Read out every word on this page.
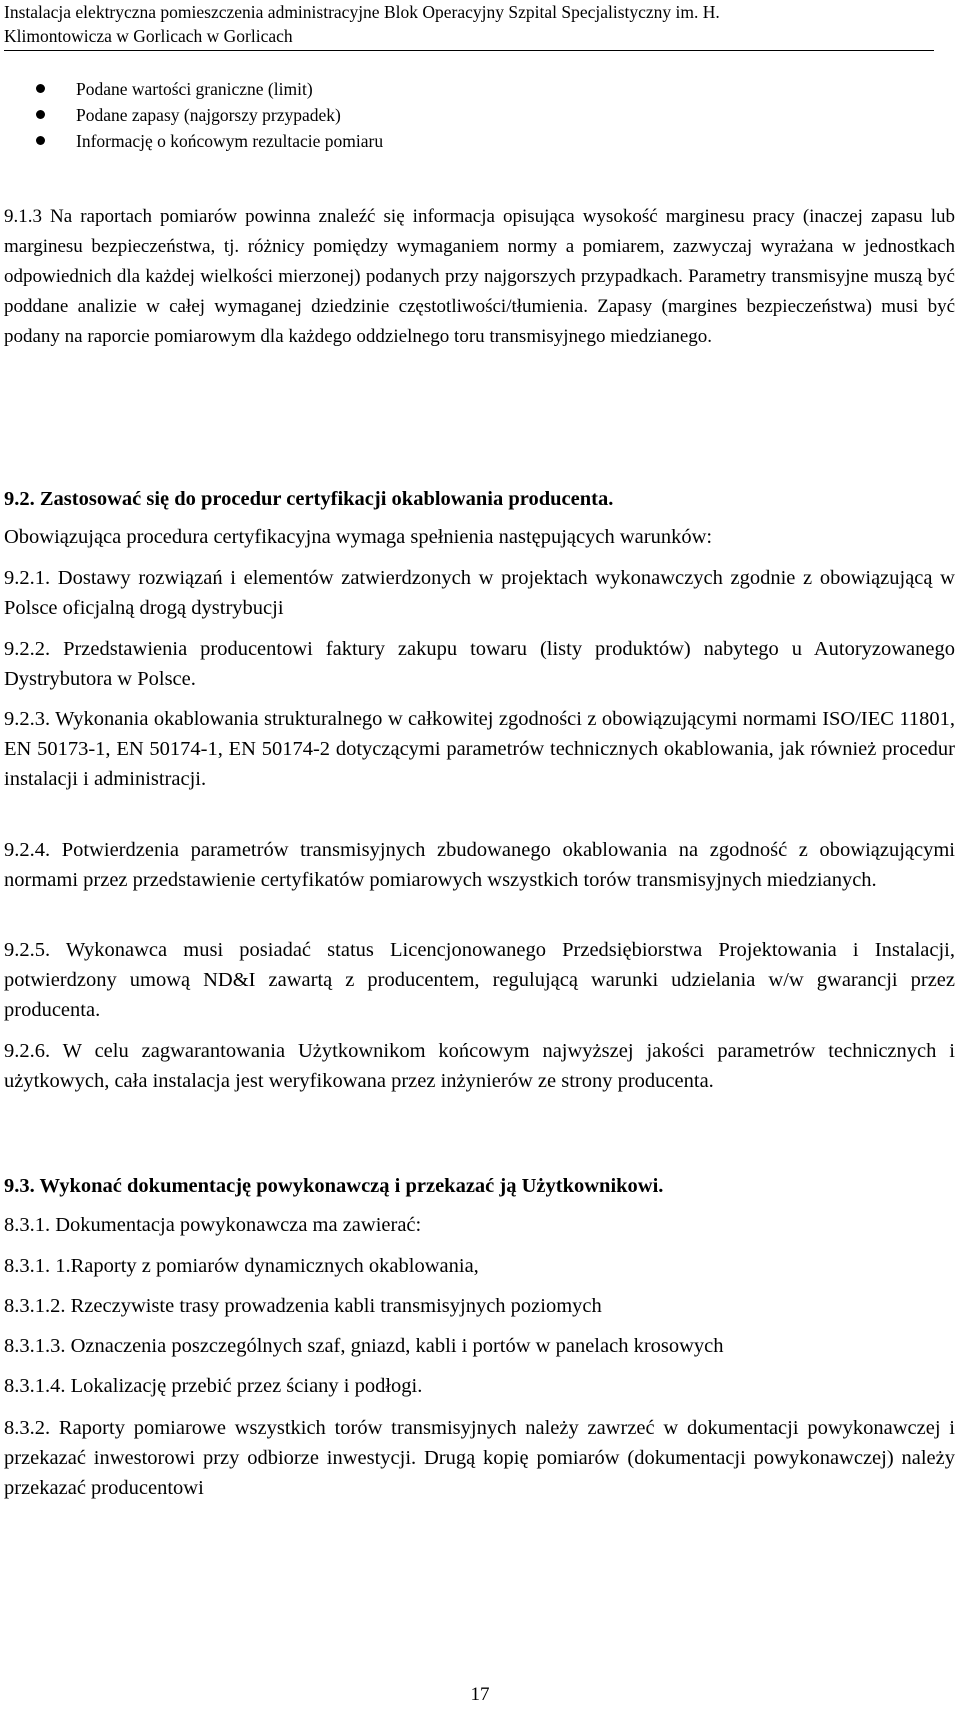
Instalacja elektryczna pomieszczenia administracyjne Blok Operacyjny Szpital Specjalistyczny im. H.
Klimontowicza w Gorlicach w Gorlicach
Podane wartości graniczne (limit)
Podane zapasy (najgorszy przypadek)
Informację o końcowym rezultacie pomiaru
9.1.3 Na raportach pomiarów powinna znaleźć się informacja opisująca wysokość marginesu pracy (inaczej zapasu lub marginesu bezpieczeństwa, tj. różnicy pomiędzy wymaganiem normy a pomiarem, zazwyczaj wyrażana w jednostkach odpowiednich dla każdej wielkości mierzonej) podanych przy najgorszych przypadkach. Parametry transmisyjne muszą być poddane analizie w całej wymaganej dziedzinie częstotliwości/tłumienia. Zapasy (margines bezpieczeństwa) musi być podany na raporcie pomiarowym dla każdego oddzielnego toru transmisyjnego miedzianego.
9.2. Zastosować się do procedur certyfikacji okablowania producenta.
Obowiązująca procedura certyfikacyjna wymaga spełnienia następujących warunków:
9.2.1. Dostawy rozwiązań i elementów zatwierdzonych w projektach wykonawczych zgodnie z obowiązującą w Polsce oficjalną drogą dystrybucji
9.2.2. Przedstawienia producentowi faktury zakupu towaru (listy produktów) nabytego u Autoryzowanego Dystrybutora w Polsce.
9.2.3. Wykonania okablowania strukturalnego w całkowitej zgodności z obowiązującymi normami ISO/IEC 11801, EN 50173-1, EN 50174-1, EN 50174-2 dotyczącymi parametrów technicznych okablowania, jak również procedur instalacji i administracji.
9.2.4. Potwierdzenia parametrów transmisyjnych zbudowanego okablowania na zgodność z obowiązującymi normami przez przedstawienie certyfikatów pomiarowych wszystkich torów transmisyjnych miedzianych.
9.2.5. Wykonawca musi posiadać status Licencjonowanego Przedsiębiorstwa Projektowania i Instalacji, potwierdzony umową ND&I zawartą z producentem, regulującą warunki udzielania w/w gwarancji przez producenta.
9.2.6. W celu zagwarantowania Użytkownikom końcowym najwyższej jakości parametrów technicznych i użytkowych, cała instalacja jest weryfikowana przez inżynierów ze strony producenta.
9.3. Wykonać dokumentację powykonawczą i przekazać ją Użytkownikowi.
8.3.1. Dokumentacja powykonawcza ma zawierać:
8.3.1. 1.Raporty z pomiarów dynamicznych okablowania,
8.3.1.2. Rzeczywiste trasy prowadzenia kabli transmisyjnych poziomych
8.3.1.3. Oznaczenia poszczególnych szaf, gniazd, kabli i portów w panelach krosowych
8.3.1.4. Lokalizację przebić przez ściany i podłogi.
8.3.2. Raporty pomiarowe wszystkich torów transmisyjnych należy zawrzeć w dokumentacji powykonawczej i przekazać inwestorowi przy odbiorze inwestycji. Drugą kopię pomiarów (dokumentacji powykonawczej) należy przekazać producentowi
17
